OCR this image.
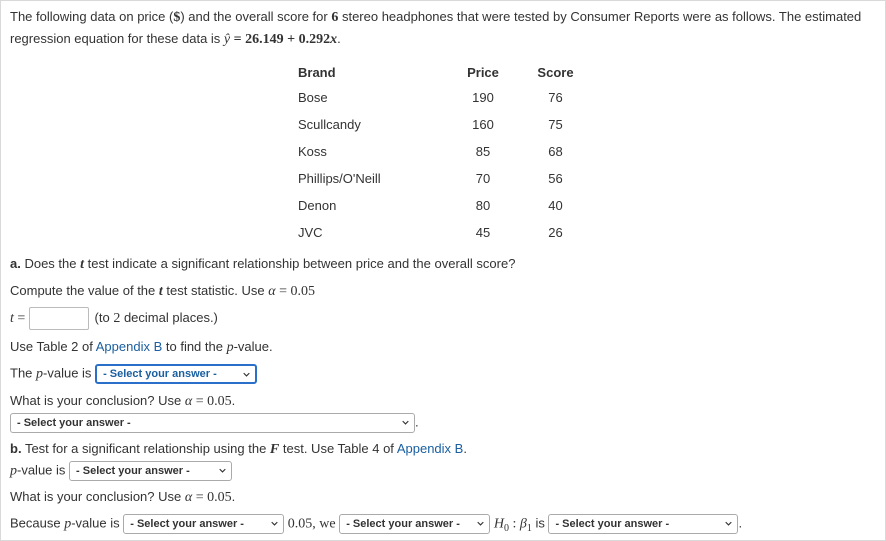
The following data on price ($) and the overall score for 6 stereo headphones that were tested by Consumer Reports were as follows. The estimated regression equation for these data is ŷ = 26.149 + 0.292x.
Brand	Price	Score
Bose	190	76
Scullcandy	160	75
Koss	85	68
Phillips/O'Neill	70	56
Denon	80	40
JVC	45	26
a. Does the t test indicate a significant relationship between price and the overall score?
Compute the value of the t test statistic. Use α = 0.05
t =	(to 2 decimal places.)
Use Table 2 of Appendix B to find the p-value.
The p-value is - Select your answer -
What is your conclusion? Use α = 0.05.
- Select your answer -	.
b. Test for a significant relationship using the F test. Use Table 4 of Appendix B.
p-value is - Select your answer -
What is your conclusion? Use α = 0.05.
Because p-value is - Select your answer -	0.05, we - Select your answer - $H_0$ : $\beta_1$ is - Select your answer -	.
